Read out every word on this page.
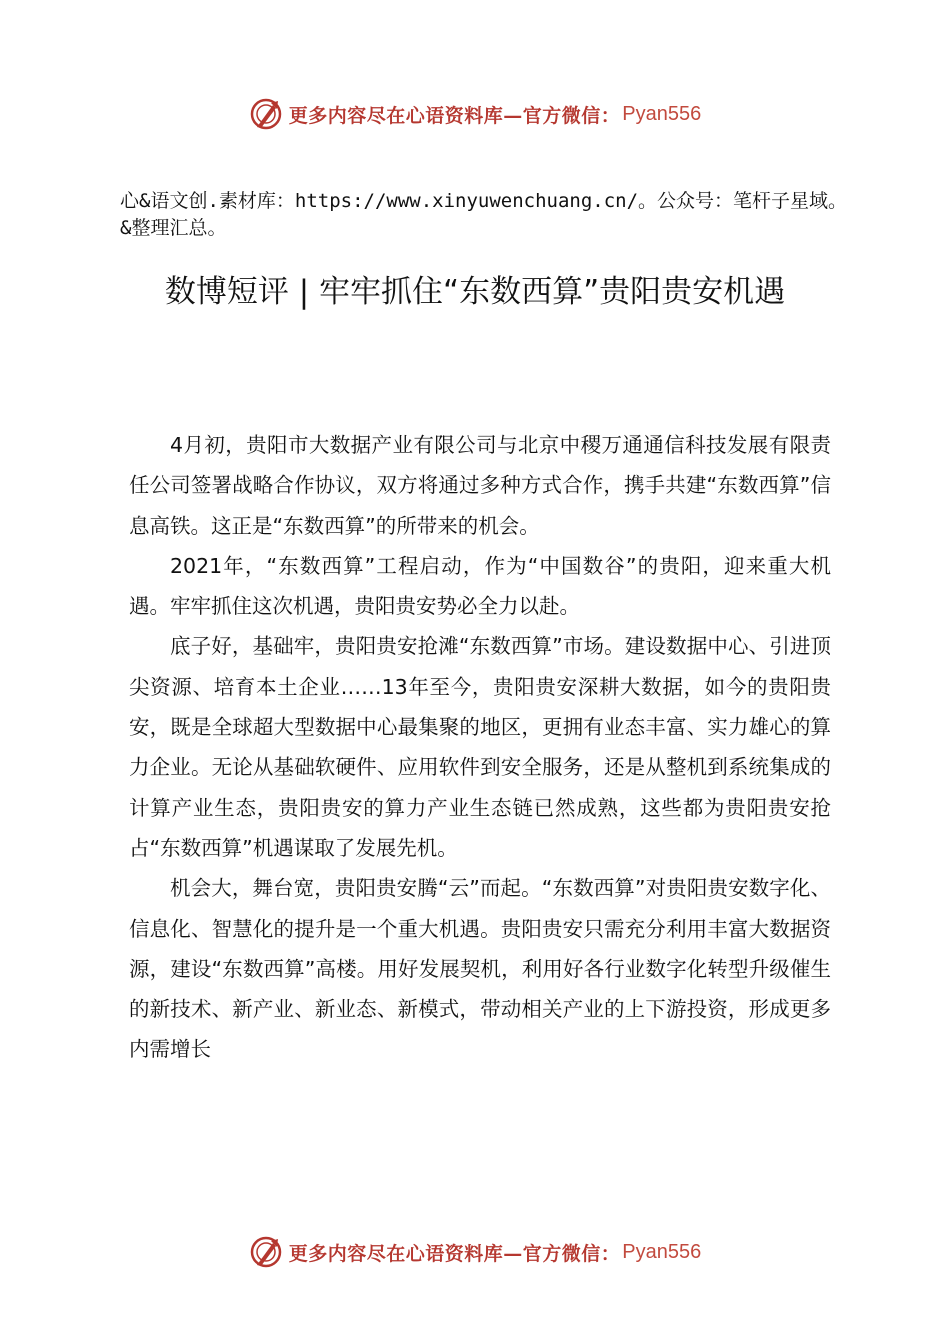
更多内容尽在心语资料库—官方微信： Pyan556
心&语文创.素材库：https://www.xinyuwenchuang.cn/。公众号：笔杆子星域。&整理汇总。
数博短评 | 牢牢抓住“东数西算”贵阳贵安机遇

4月初，贵阳市大数据产业有限公司与北京中稷万通通信科技发展有限责任公司签署战略合作协议，双方将通过多种方式合作，携手共建“东数西算”信息高铁。这正是“东数西算”的所带来的机会。

2021年，“东数西算”工程启动，作为“中国数谷”的贵阳，迎来重大机遇。牢牢抓住这次机遇，贵阳贵安势必全力以赴。

底子好，基础牢，贵阳贵安抢滩“东数西算”市场。建设数据中心、引进顶尖资源、培育本土企业……13年至今，贵阳贵安深耕大数据，如今的贵阳贵安，既是全球超大型数据中心最集聚的地区，更拥有业态丰富、实力雄心的算力企业。无论从基础软硬件、应用软件到安全服务，还是从整机到系统集成的计算产业生态，贵阳贵安的算力产业生态链已然成熟，这些都为贵阳贵安抢占“东数西算”机遇谋取了发展先机。

机会大，舞台宽，贵阳贵安腾“云”而起。“东数西算”对贵阳贵安数字化、信息化、智慧化的提升是一个重大机遇。贵阳贵安只需充分利用丰富大数据资源，建设“东数西算”高楼。用好发展契机，利用好各行业数字化转型升级催生的新技术、新产业、新业态、新模式，带动相关产业的上下游投资，形成更多内需增长

更多内容尽在心语资料库—官方微信： Pyan556
